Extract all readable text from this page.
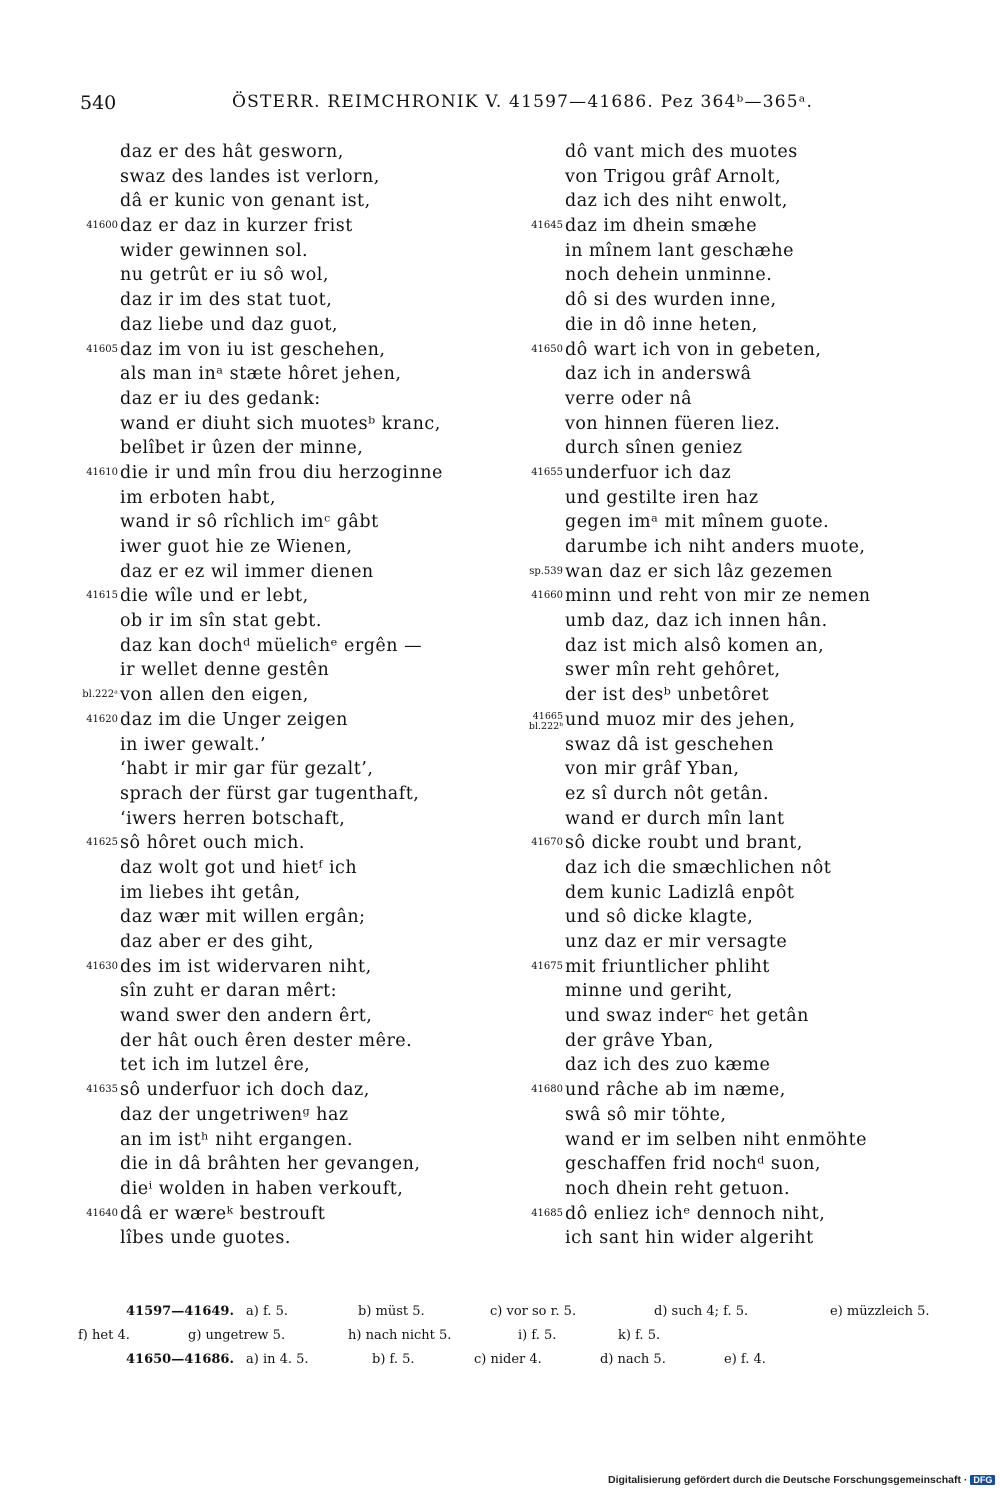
540	ÖSTERR. REIMCHRONIK V. 41597—41686. Pez 364ᵇ—365ᵃ.
daz er des hât gesworn,
swaz des landes ist verlorn,
dâ er kunic von genant ist,
41600 daz er daz in kurzer frist
wider gewinnen sol.
nu getrût er iu sô wol,
daz ir im des stat tuot,
daz liebe und daz guot,
41605 daz im von iu ist geschehen,
als man inᵃ stæte hôret jehen,
daz er iu des gedank:
wand er diuht sich muotesᵇ kranc,
belîbet ir ûzen der minne,
41610 die ir und mîn frou diu herzoginne
im erboten habt,
wand ir sô rîchlich imᶜ gâbt
iwer guot hie ze Wienen,
daz er ez wil immer dienen
41615 die wîle und er lebt,
ob ir im sîn stat gebt.
daz kan dochᵈ müelichᵉ ergên —
ir wellet denne gestên
bl.222ᵃ von allen den eigen,
41620 daz im die Unger zeigen
in iwer gewalt.’
‘habt ir mir gar für gezalt’,
sprach der fürst gar tugenthaft,
‘iwers herren botschaft,
41625 sô hôret ouch mich.
daz wolt got und hietᶠ ich
im liebes iht getân,
daz wær mit willen ergân;
daz aber er des giht,
41630 des im ist widervaren niht,
sîn zuht er daran mêrt:
wand swer den andern êrt,
der hât ouch êren dester mêre.
tet ich im lutzel êre,
41635 sô underfuor ich doch daz,
daz der ungetriwenᵍ haz
an im istʰ niht ergangen.
die in dâ brâhten her gevangen,
dieⁱ wolden in haben verkouft,
41640 dâ er wæreᵏ bestrouft
lîbes unde guotes.
dô vant mich des muotes
von Trigou grâf Arnolt,
daz ich des niht enwolt,
41645 daz im dhein smæhe
in mînem lant geschæhe
noch dehein unminne.
dô si des wurden inne,
die in dô inne heten,
41650 dô wart ich von in gebeten,
daz ich in anderswâ
verre oder nâ
von hinnen füeren liez.
durch sînen geniez
41655 underfuor ich daz
und gestilte iren haz
gegen imᵃ mit mînem guote.
darumbe ich niht anders muote,
sp.539 wan daz er sich lâz gezemen
41660 minn und reht von mir ze nemen
umb daz, daz ich innen hân.
daz ist mich alsô komen an,
swer mîn reht gehôret,
der ist desᵇ unbetôret
41665
bl.222ᵇ und muoz mir des jehen,
swaz dâ ist geschehen
von mir grâf Yban,
ez sî durch nôt getân.
wand er durch mîn lant
41670 sô dicke roubt und brant,
daz ich die smæchlichen nôt
dem kunic Ladizlâ enpôt
und sô dicke klagte,
unz daz er mir versagte
41675 mit friuntlicher phliht
minne und geriht,
und swaz inderᶜ het getân
der grâve Yban,
daz ich des zuo kæme
41680 und râche ab im næme,
swâ sô mir töhte,
wand er im selben niht enmöhte
geschaffen frid nochᵈ suon,
noch dhein reht getuon.
41685 dô enliez ichᵉ dennoch niht,
ich sant hin wider algeriht
41597—41649. a) f. 5.	b) müst 5.	c) vor so r. 5.	d) such 4; f. 5.	e) müzzleich 5.
f) het 4.	g) ungetrew 5.	h) nach nicht 5.	i) f. 5.	k) f. 5.
41650—41686. a) in 4. 5.	b) f. 5.	c) nider 4.	d) nach 5.	e) f. 4.
Digitalisierung gefördert durch die Deutsche Forschungsgemeinschaft · DFG
